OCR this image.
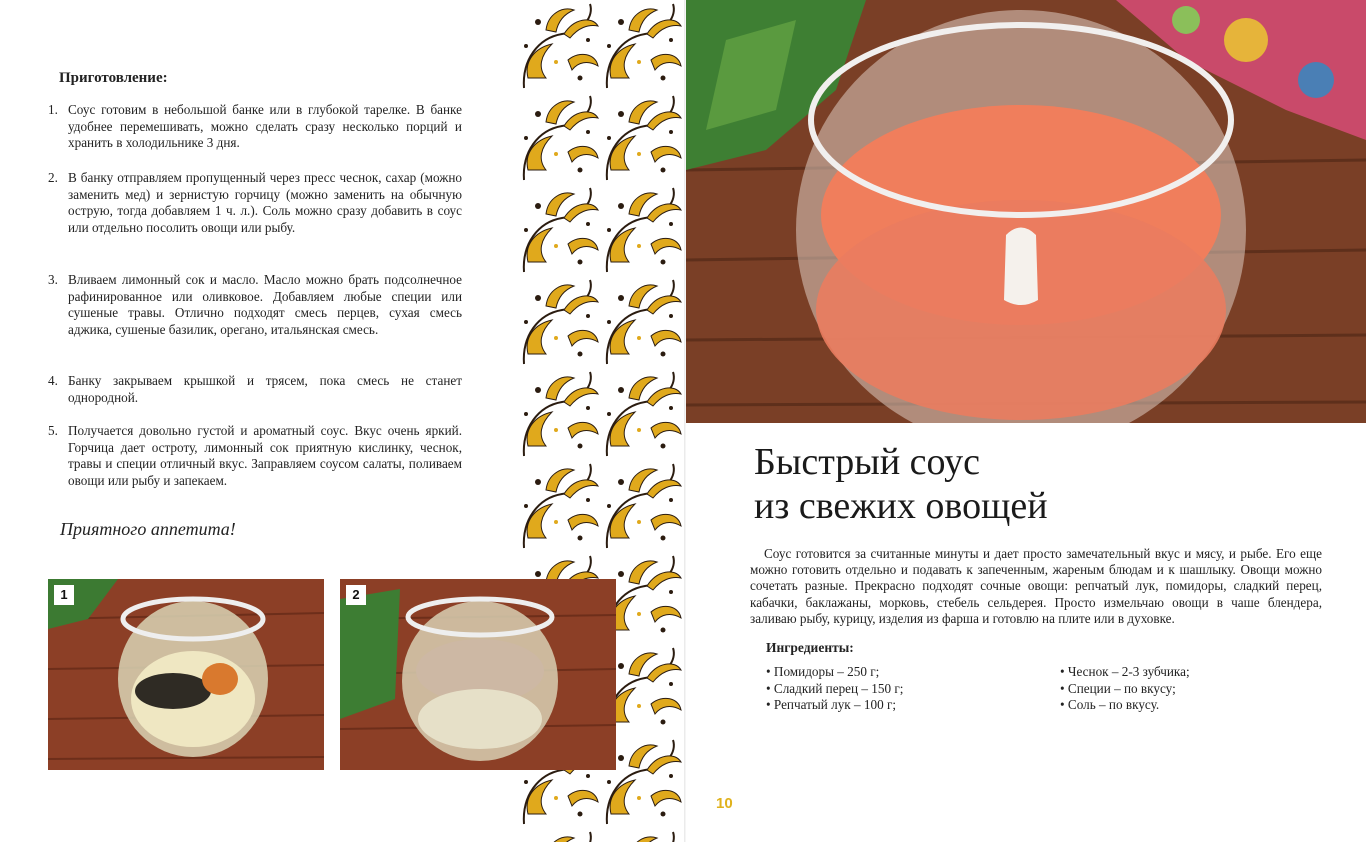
Приготовление:
1. Соус готовим в небольшой банке или в глубокой тарелке. В банке удобнее перемешивать, можно сделать сразу несколько порций и хранить в холодильнике 3 дня.
2. В банку отправляем пропущенный через пресс чеснок, сахар (можно заменить мед) и зернистую горчицу (можно заменить на обычную острую, тогда добавляем 1 ч. л.). Соль можно сразу добавить в соус или отдельно посолить овощи или рыбу.
3. Вливаем лимонный сок и масло. Масло можно брать подсолнечное рафинированное или оливковое. Добавляем любые специи или сушеные травы. Отлично подходят смесь перцев, сухая смесь аджика, сушеные базилик, орегано, итальянская смесь.
4. Банку закрываем крышкой и трясем, пока смесь не станет однородной.
5. Получается довольно густой и ароматный соус. Вкус очень яркий. Горчица дает остроту, лимонный сок приятную кислинку, чеснок, травы и специи отличный вкус. Заправляем соусом салаты, поливаем овощи или рыбу и запекаем.

Приятного аппетита!

1	2
Быстрый соус
из свежих овощей

Соус готовится за считанные минуты и дает просто замечательный вкус и мясу, и рыбе. Его еще можно готовить отдельно и подавать к запеченным, жареным блюдам и к шашлыку. Овощи можно сочетать разные. Прекрасно подходят сочные овощи: репчатый лук, помидоры, сладкий перец, кабачки, баклажаны, морковь, стебель сельдерея. Просто измельчаю овощи в чаше блендера, заливаю рыбу, курицу, изделия из фарша и готовлю на плите или в духовке.

Ингредиенты:
• Помидоры – 250 г;
• Сладкий перец – 150 г;
• Репчатый лук – 100 г;
• Чеснок – 2-3 зубчика;
• Специи – по вкусу;
• Соль – по вкусу.
10
